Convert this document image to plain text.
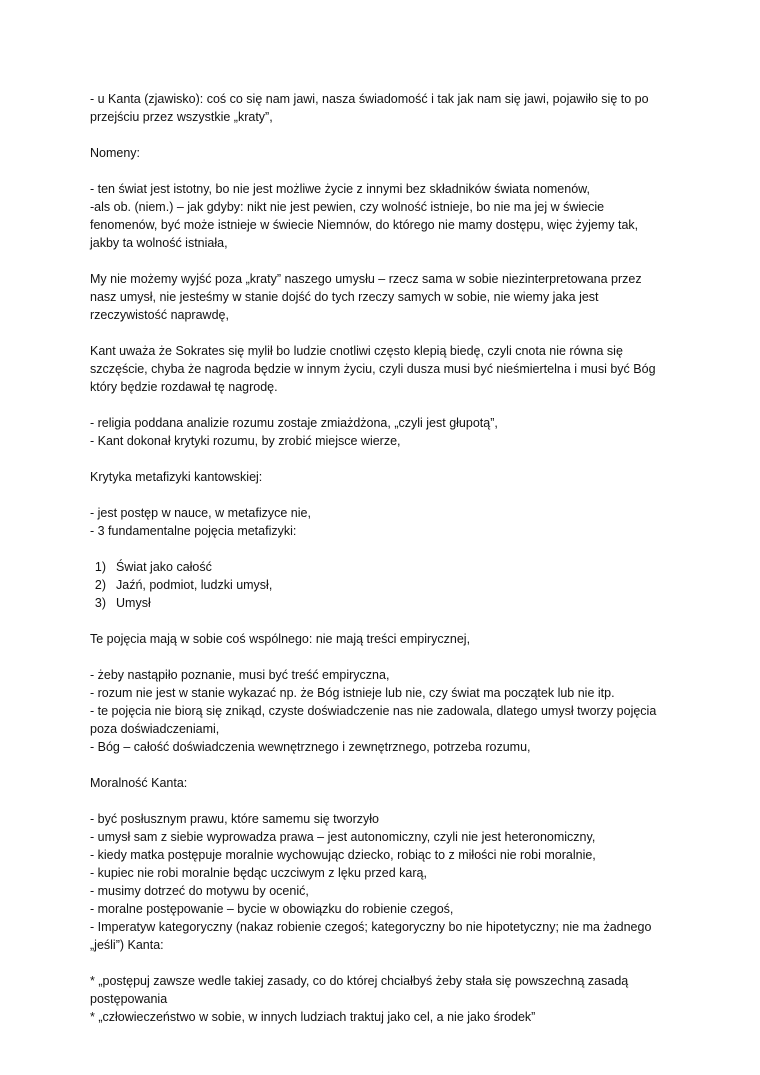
- u Kanta (zjawisko): coś co się nam jawi, nasza świadomość i tak jak nam się jawi, pojawiło się to po
przejściu przez wszystkie „kraty”,
Nomeny:
- ten świat jest istotny, bo nie jest możliwe życie z innymi bez składników świata nomenów,
-als ob. (niem.) – jak gdyby: nikt nie jest pewien, czy wolność istnieje, bo nie ma jej w świecie
fenomenów, być może istnieje w świecie Niemnów, do którego nie mamy dostępu, więc żyjemy tak,
jakby ta wolność istniała,
My nie możemy wyjść poza „kraty” naszego umysłu – rzecz sama w sobie niezinterpretowana przez
nasz umysł, nie jesteśmy w stanie dojść do tych rzeczy samych w sobie, nie wiemy jaka jest
rzeczywistość naprawdę,
Kant uważa że Sokrates się mylił bo ludzie cnotliwi często klepią biedę, czyli cnota nie równa się
szczęście, chyba że nagroda będzie w innym życiu, czyli dusza musi być nieśmiertelna i musi być Bóg
który będzie rozdawał tę nagrodę.
- religia poddana analizie rozumu zostaje zmiażdżona, „czyli jest głupotą”,
- Kant dokonał krytyki rozumu, by zrobić miejsce wierze,
Krytyka metafizyki kantowskiej:
- jest postęp w nauce, w metafizyce nie,
- 3 fundamentalne pojęcia metafizyki:
1) Świat jako całość
2) Jaźń, podmiot, ludzki umysł,
3) Umysł
Te pojęcia mają w sobie coś wspólnego: nie mają treści empirycznej,
- żeby nastąpiło poznanie, musi być treść empiryczna,
- rozum nie jest w stanie wykazać np. że Bóg istnieje lub nie, czy świat ma początek lub nie itp.
- te pojęcia nie biorą się znikąd, czyste doświadczenie nas nie zadowala, dlatego umysł tworzy pojęcia
poza doświadczeniami,
- Bóg – całość doświadczenia wewnętrznego i zewnętrznego, potrzeba rozumu,
Moralność Kanta:
- być posłusznym prawu, które samemu się tworzyło
- umysł sam z siebie wyprowadza prawa – jest autonomiczny, czyli nie jest heteronomiczny,
- kiedy matka postępuje moralnie wychowując dziecko, robiąc to z miłości nie robi moralnie,
- kupiec nie robi moralnie będąc uczciwym z lęku przed karą,
- musimy dotrzeć do motywu by ocenić,
- moralne postępowanie – bycie w obowiązku do robienie czegoś,
- Imperatyw kategoryczny (nakaz robienie czegoś; kategoryczny bo nie hipotetyczny; nie ma żadnego
„jeśli”) Kanta:
* „postępuj zawsze wedle takiej zasady, co do której chciałbyś żeby stała się powszechną zasadą
postępowania
* „człowieczeństwo w sobie, w innych ludziach traktuj jako cel, a nie jako środek”
